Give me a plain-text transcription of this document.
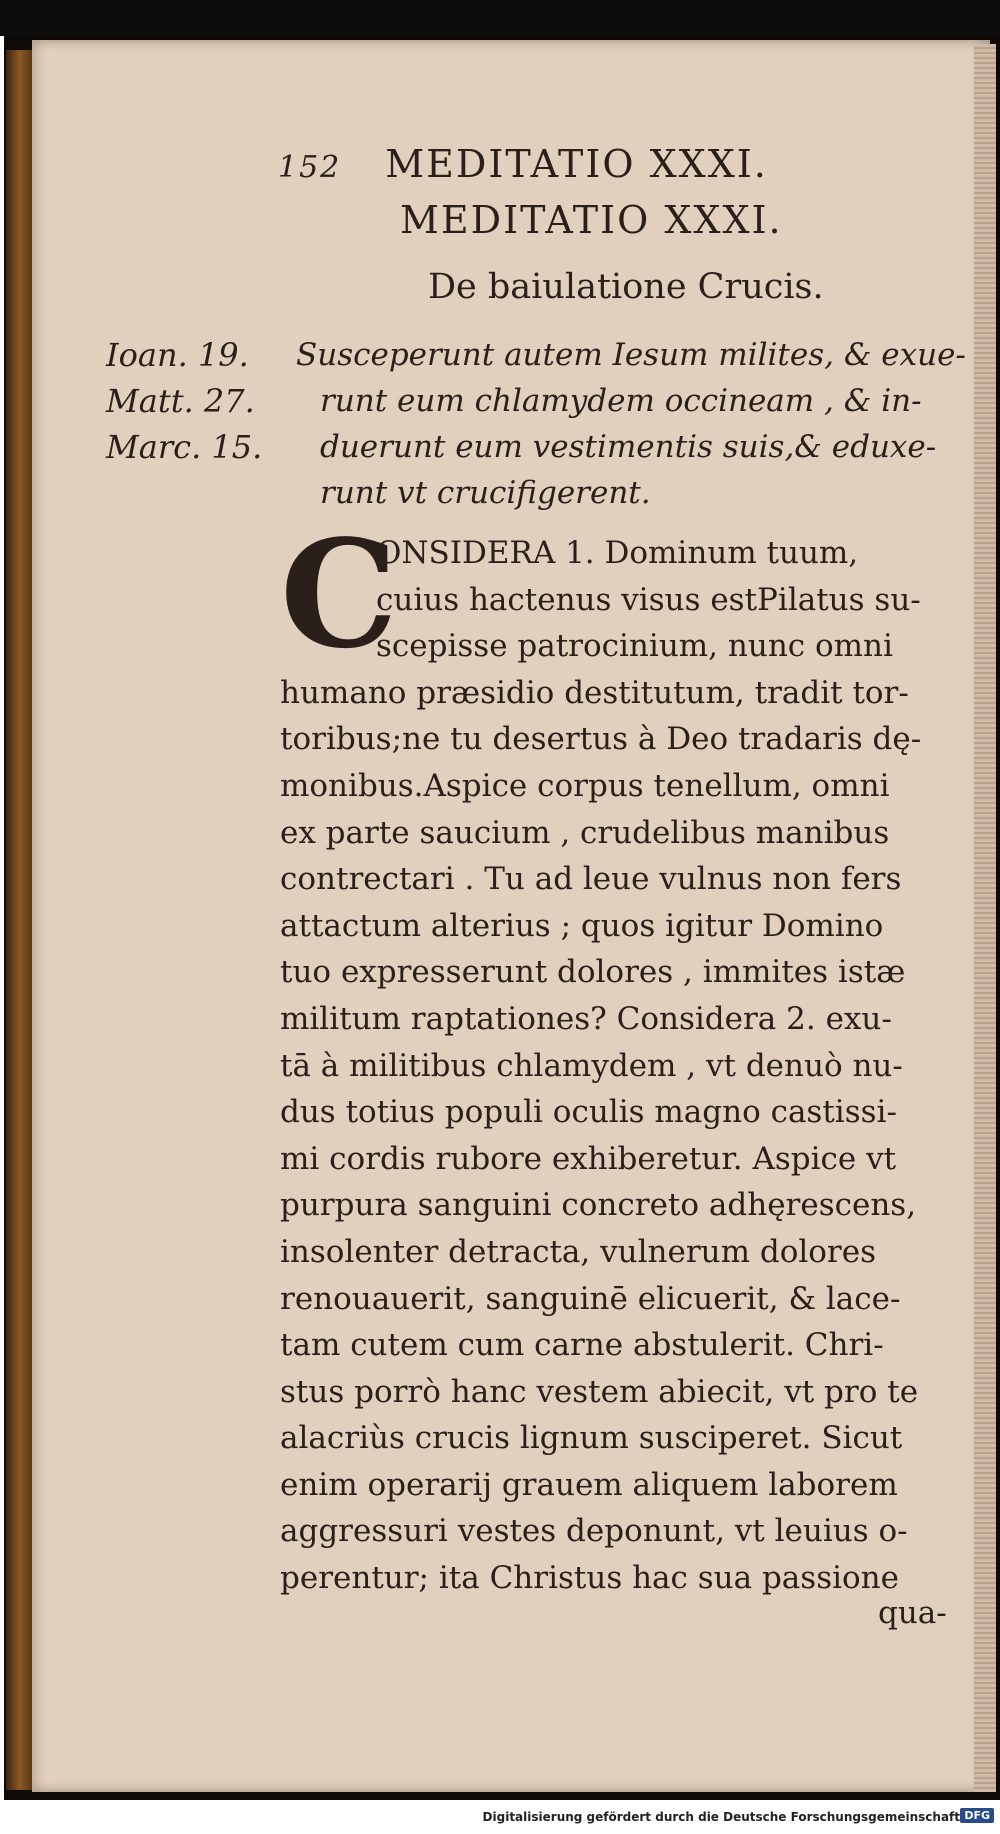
152 MEDITATIO XXXI.
MEDITATIO XXXI.
De baiulatione Crucis.
Ioan. 19.
Matt. 27.
Marc. 15.
Susceperunt autem Iesum milites, & exue-
runt eum chlamydem occineam , & in-
duerunt eum vestimentis suis,& eduxe-
runt vt crucifigerent.
C
ONSIDERA 1. Dominum tuum,
cuius hactenus visus estPilatus su-
scepisse patrocinium, nunc omni
humano præsidio destitutum, tradit tor-
toribus;ne tu desertus à Deo tradaris dę-
monibus.Aspice corpus tenellum, omni
ex parte saucium , crudelibus manibus
contrectari . Tu ad leue vulnus non fers
attactum alterius ; quos igitur Domino
tuo expresserunt dolores , immites istæ
militum raptationes? Considera 2. exu-
tā à militibus chlamydem , vt denuò nu-
dus totius populi oculis magno castissi-
mi cordis rubore exhiberetur. Aspice vt
purpura sanguini concreto adhęrescens,
insolenter detracta, vulnerum dolores
renouauerit, sanguinē elicuerit, & lace-
tam cutem cum carne abstulerit. Chri-
stus porrò hanc vestem abiecit, vt pro te
alacriùs crucis lignum susciperet. Sicut
enim operarij grauem aliquem laborem
aggressuri vestes deponunt, vt leuius o-
perentur; ita Christus hac sua passione
qua-
Digitalisierung gefördert durch die Deutsche Forschungsgemeinschaft DFG
